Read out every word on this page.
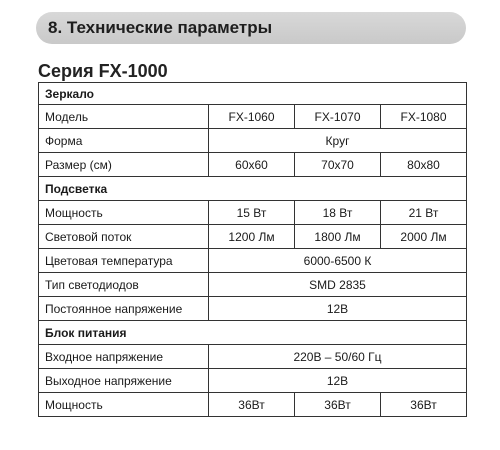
8. Технические параметры
Серия FX-1000
Зеркало			
Модель	FX-1060	FX-1070	FX-1080
Форма	Круг		
Размер (см)	60x60	70x70	80x80
Подсветка			
Мощность	15 Вт	18 Вт	21 Вт
Световой поток	1200 Лм	1800 Лм	2000 Лм
Цветовая температура	6000-6500 К		
Тип светодиодов	SMD 2835		
Постоянное напряжение	12В		
Блок питания			
Входное напряжение	220В – 50/60 Гц		
Выходное напряжение	12В		
Мощность	36Вт	36Вт	36Вт
